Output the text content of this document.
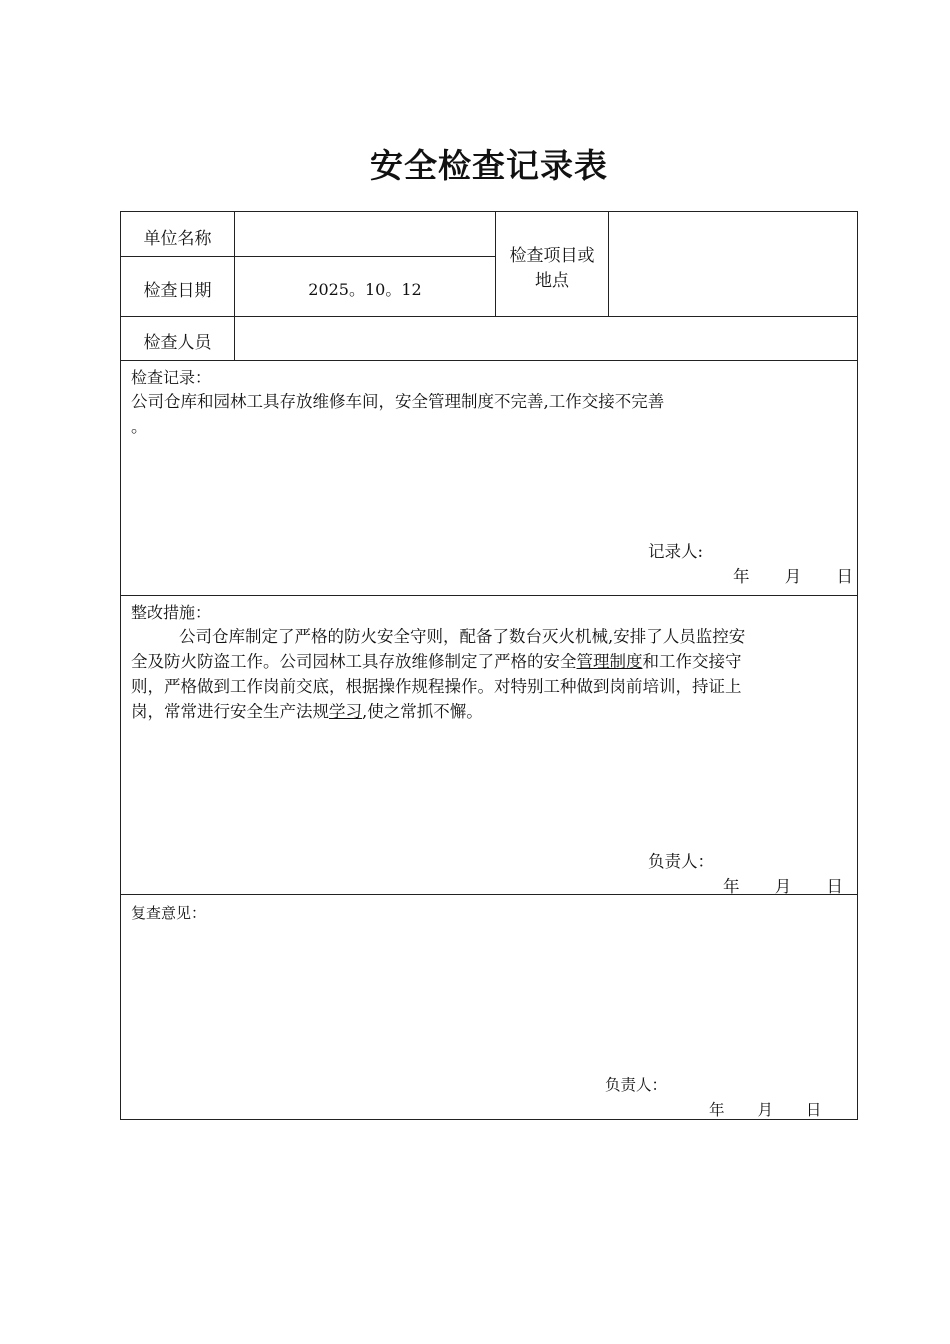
安全检查记录表
单位名称
检查日期	2025。10。12
检查项目或
地点
检查人员
检查记录：
公司仓库和园林工具存放维修车间，安全管理制度不完善,工作交接不完善
。
记录人:
年 月 日
整改措施：
公司仓库制定了严格的防火安全守则，配备了数台灭火机械,安排了人员监控安
全及防火防盗工作。公司园林工具存放维修制定了严格的安全管理制度和工作交接守
则，严格做到工作岗前交底，根据操作规程操作。对特别工种做到岗前培训，持证上
岗，常常进行安全生产法规学习,使之常抓不懈。
负责人：
年 月 日
复查意见：
负责人：
年 月 日
